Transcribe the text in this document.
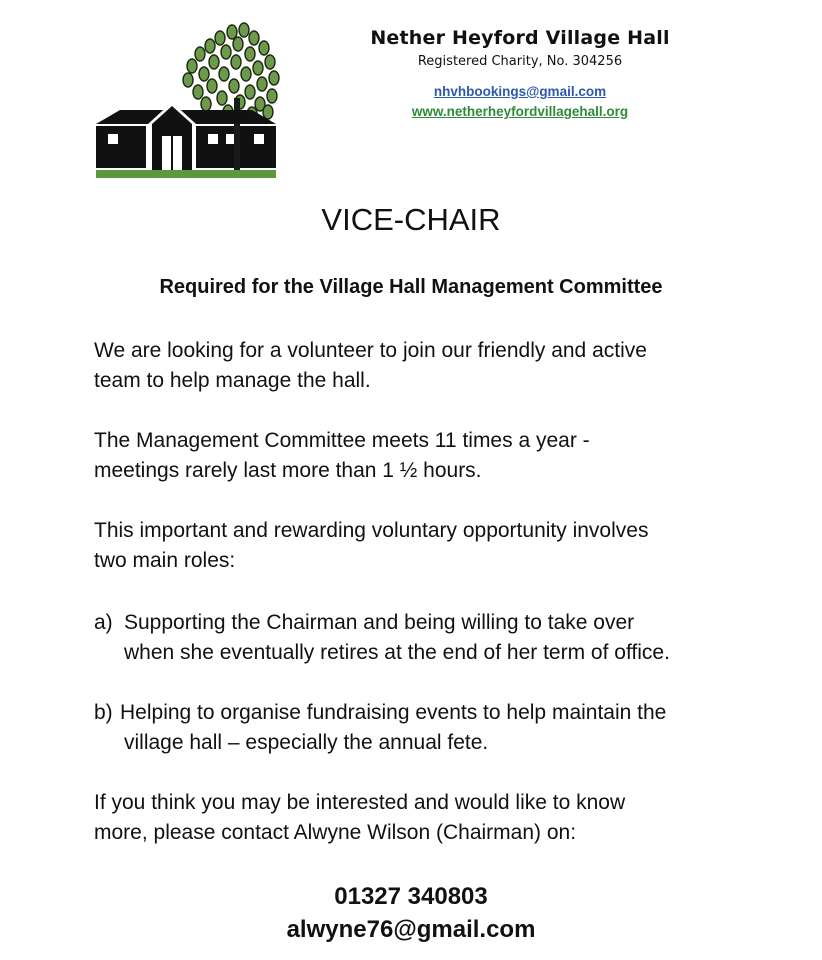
Nether Heyford Village Hall
Registered Charity, No. 304256
nhvhbookings@gmail.com
www.netherheyfordvillagehall.org
VICE-CHAIR
Required for the Village Hall Management Committee
We are looking for a volunteer to join our friendly and active
team to help manage the hall.
The Management Committee meets 11 times a year -
meetings rarely last more than 1 ½ hours.
This important and rewarding voluntary opportunity involves
two main roles:
a) Supporting the Chairman and being willing to take over
when she eventually retires at the end of her term of office.
b) Helping to organise fundraising events to help maintain the
village hall – especially the annual fete.
If you think you may be interested and would like to know
more, please contact Alwyne Wilson (Chairman) on:
01327 340803
alwyne76@gmail.com
